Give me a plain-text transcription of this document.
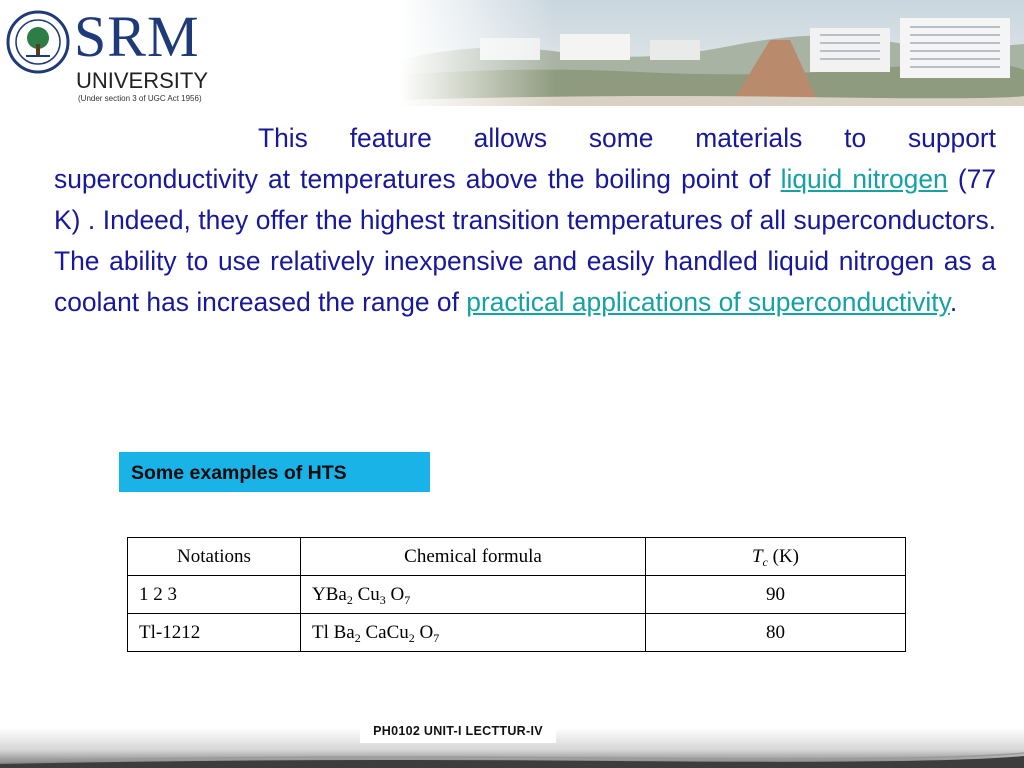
SRM
UNIVERSITY
(Under section 3 of UGC Act 1956)

This feature allows some materials to support superconductivity at temperatures above the boiling point of liquid nitrogen (77 K) . Indeed, they offer the highest transition temperatures of all superconductors. The ability to use relatively inexpensive and easily handled liquid nitrogen as a coolant has increased the range of practical applications of superconductivity.

Some examples of HTS
Notations	Chemical formula	$T_c$ (K)
1 2 3	YBa$_2$ $Cu_3$ $O_7$	90
Tl-1212	Tl $Ba_2$ CaCu$_2$ $O_7$	80
PH0102 UNIT-I LECTTUR-IV
